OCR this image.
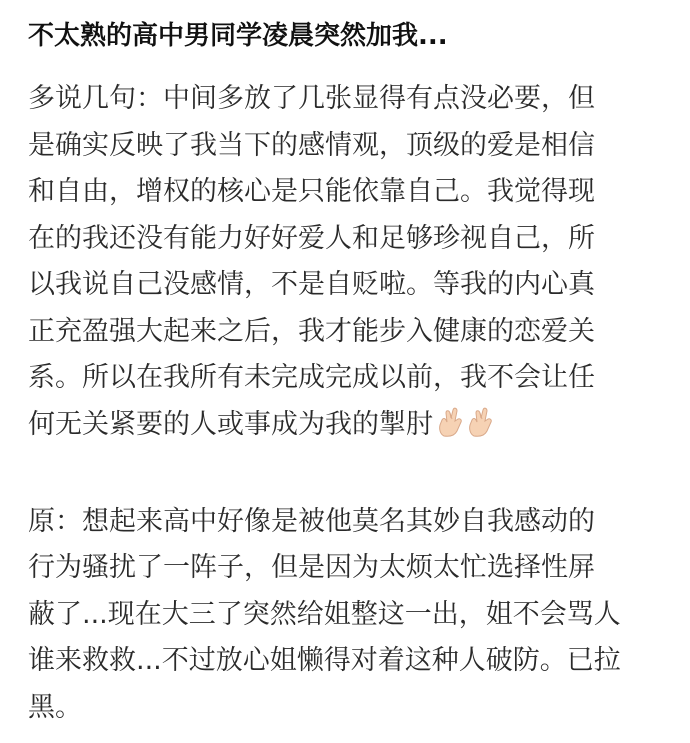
不太熟的高中男同学凌晨突然加我...
多说几句：中间多放了几张显得有点没必要，但
是确实反映了我当下的感情观，顶级的爱是相信
和自由，增权的核心是只能依靠自己。我觉得现
在的我还没有能力好好爱人和足够珍视自己，所
以我说自己没感情，不是自贬啦。等我的内心真
正充盈强大起来之后，我才能步入健康的恋爱关
系。所以在我所有未完成完成以前，我不会让任
何无关紧要的人或事成为我的掣肘
原：想起来高中好像是被他莫名其妙自我感动的
行为骚扰了一阵子，但是因为太烦太忙选择性屏
蔽了...现在大三了突然给姐整这一出，姐不会骂人
谁来救救...不过放心姐懒得对着这种人破防。已拉
黑。
